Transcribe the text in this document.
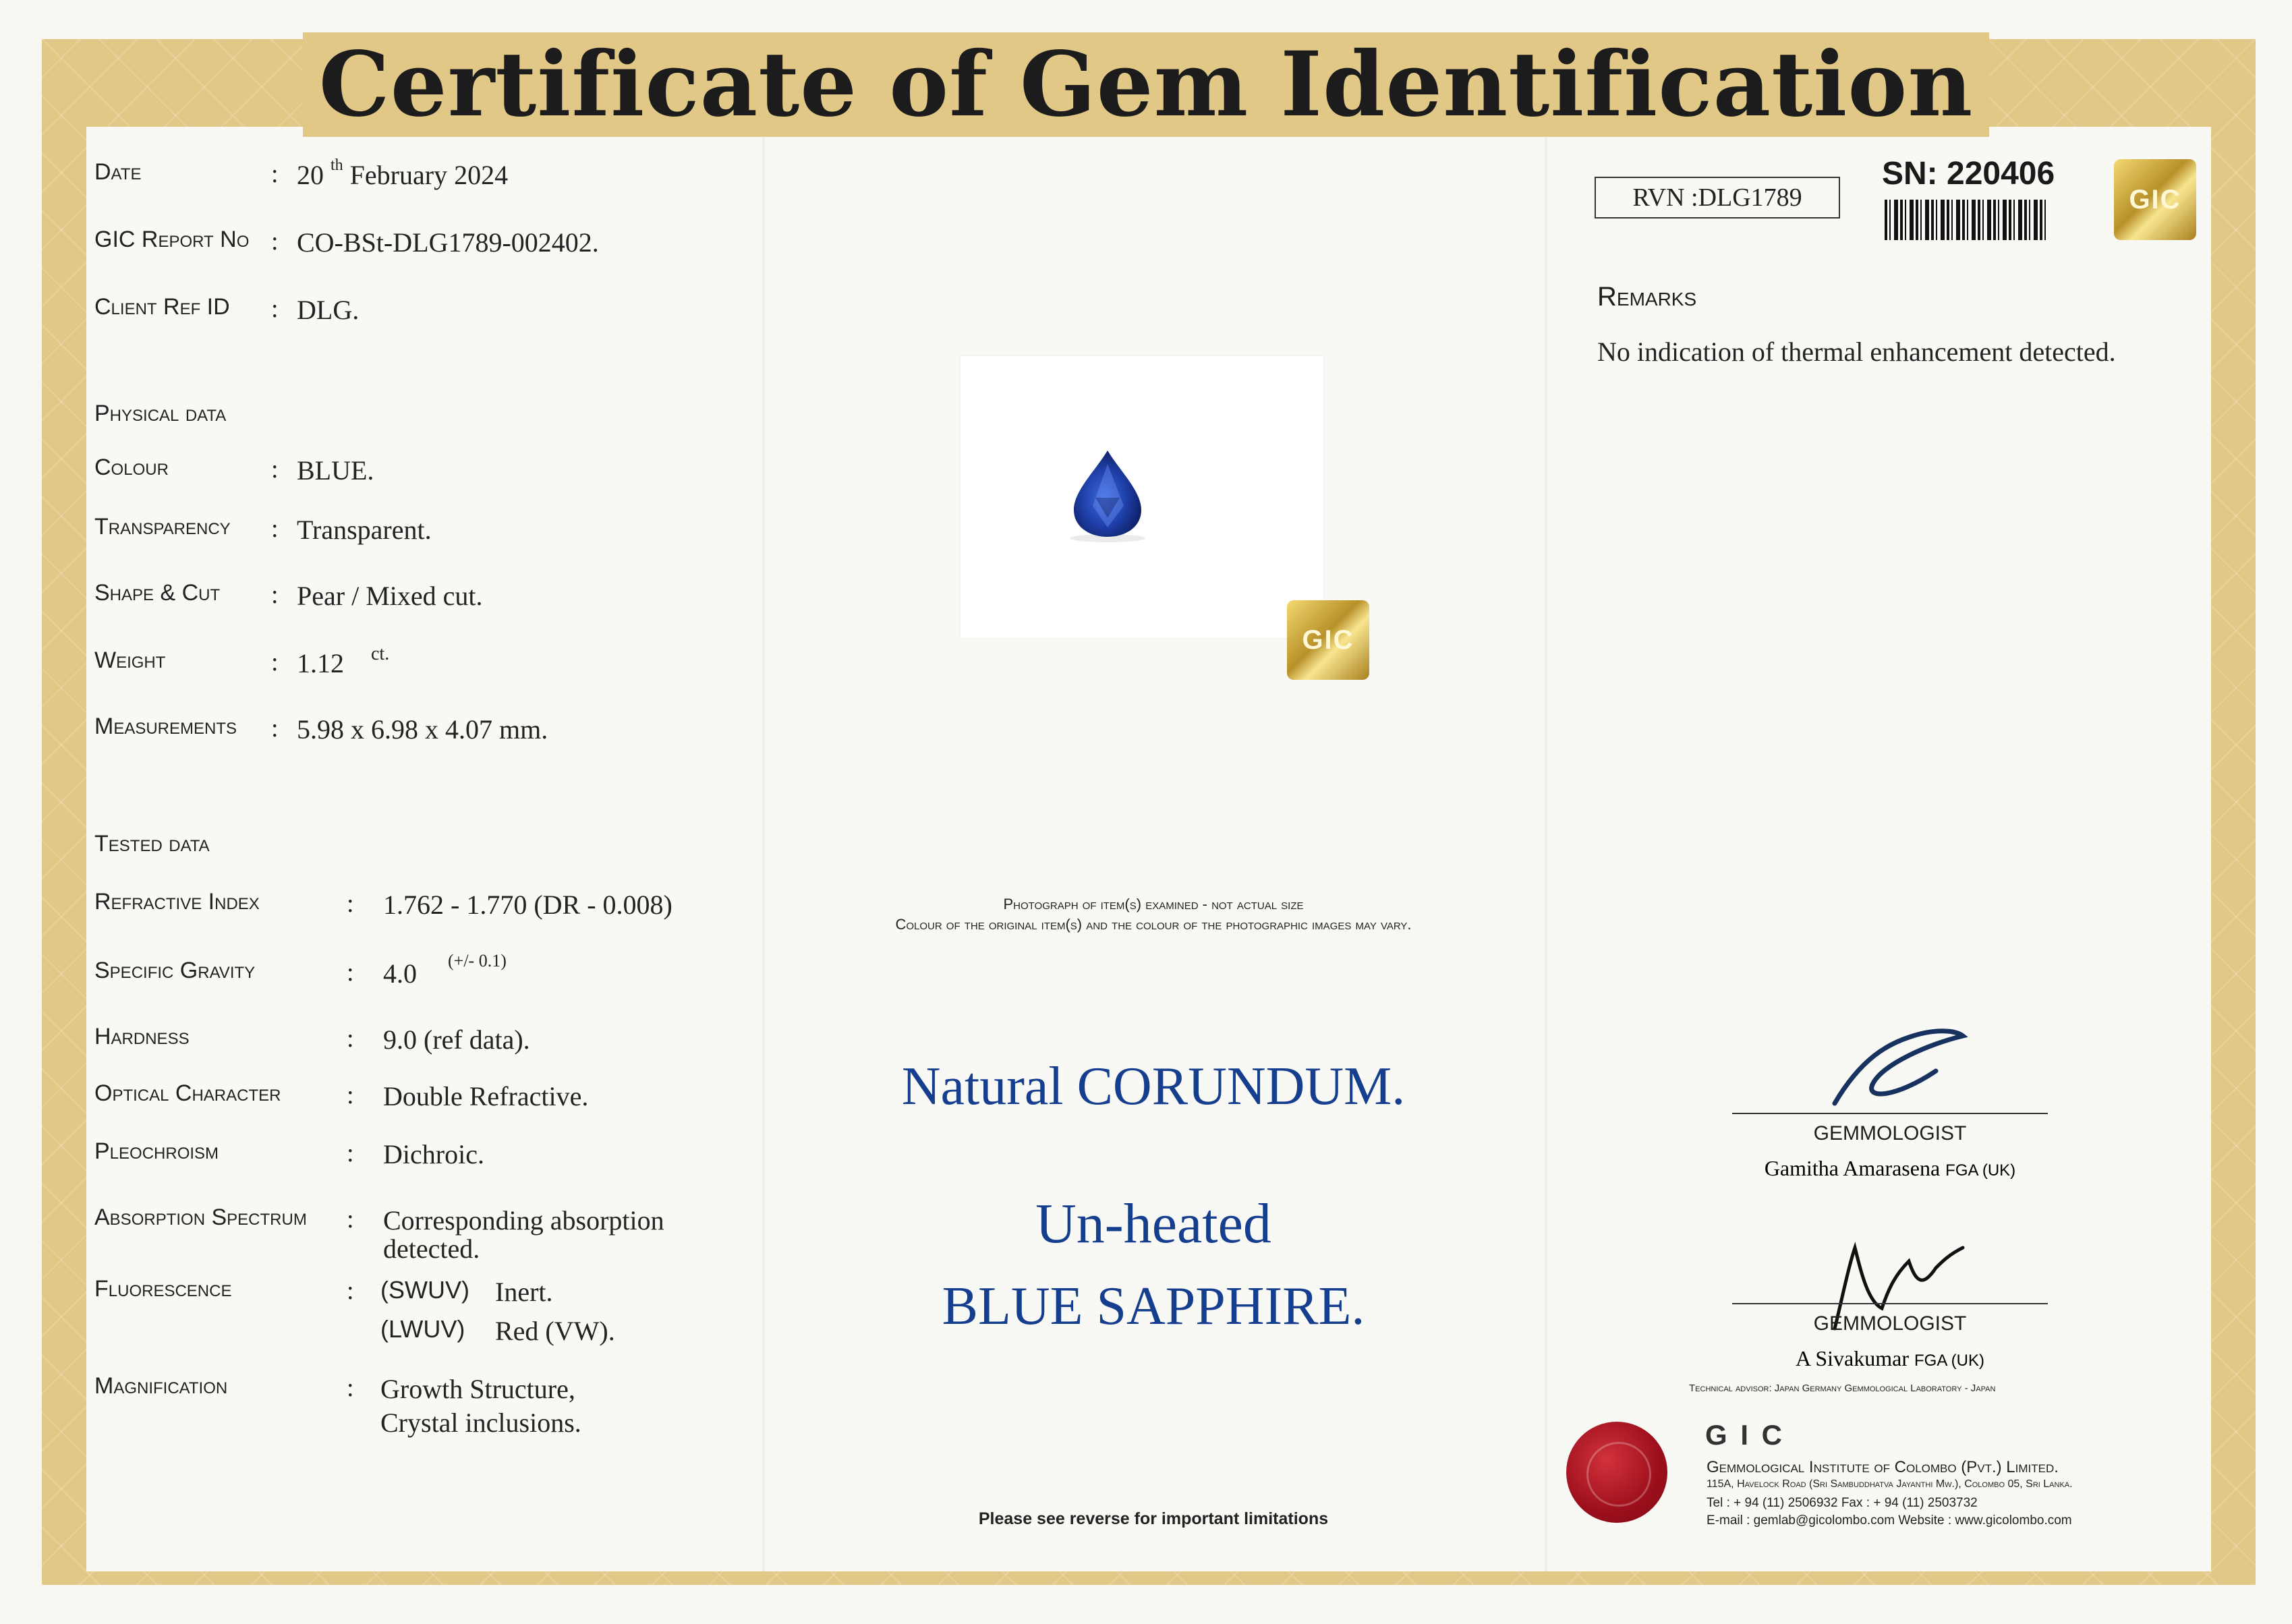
Certificate of Gem Identification
Date	: 20 $^{th}$ February 2024
GIC Report No : CO-BSt-DLG1789-002402.
Client Ref ID : DLG.
Physical data
Colour	: BLUE.
Transparency : Transparent.
Shape & Cut : Pear / Mixed cut.
Weight	: 1.12 ct.
Measurements : 5.98 x 6.98 x 4.07 mm.
Tested data
Refractive Index	: 1.762 - 1.770 (DR - 0.008)
Specific Gravity	: 4.0 (+/- 0.1)
Hardness	: 9.0 (ref data).
Optical Character	: Double Refractive.
Pleochroism	: Dichroic.
Absorption Spectrum : Corresponding absorption
detected.
Fluorescence	: (SWUV) Inert.
(LWUV) Red (VW).
Magnification	: Growth Structure,
Crystal inclusions.
GIC
Photograph of item(s) examined - not actual size
Colour of the original item(s) and the colour of the photographic images may vary.
Natural CORUNDUM.
Un-heated
BLUE SAPPHIRE.
Please see reverse for important limitations
RVN :DLG1789
SN: 220406
GIC
Remarks
No indication of thermal enhancement detected.
GEMMOLOGIST
Gamitha Amarasena FGA (UK)
GEMMOLOGIST
A Sivakumar FGA (UK)
Technical advisor: Japan Germany Gemmological Laboratory - Japan
G I C
Gemmological Institute of Colombo (Pvt.) Limited.
115A, Havelock Road (Sri Sambuddhatva Jayanthi Mw.), Colombo 05, Sri Lanka.
Tel : + 94 (11) 2506932 Fax : + 94 (11) 2503732
E-mail : gemlab@gicolombo.com Website : www.gicolombo.com
